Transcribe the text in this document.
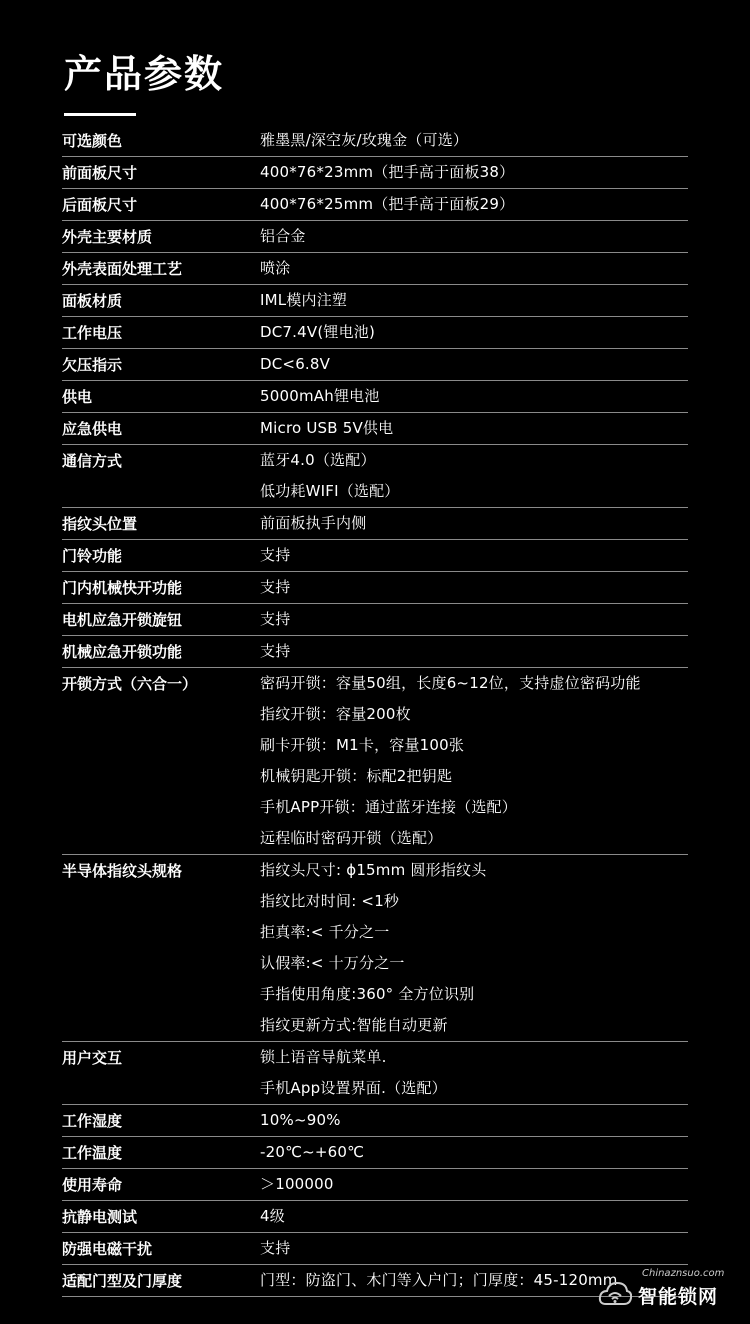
产品参数
可选颜色	雅墨黑/深空灰/玫瑰金（可选）
前面板尺寸	400*76*23mm（把手高于面板38）
后面板尺寸	400*76*25mm（把手高于面板29）
外壳主要材质	铝合金
外壳表面处理工艺	喷涂
面板材质	IML模内注塑
工作电压	DC7.4V(锂电池)
欠压指示	DC<6.8V
供电	5000mAh锂电池
应急供电	Micro USB 5V供电
通信方式	蓝牙4.0（选配）
低功耗WIFI（选配）
指纹头位置	前面板执手内侧
门铃功能	支持
门内机械快开功能	支持
电机应急开锁旋钮	支持
机械应急开锁功能	支持
开锁方式（六合一）	密码开锁：容量50组，长度6~12位，支持虚位密码功能
指纹开锁：容量200枚
刷卡开锁：M1卡，容量100张
机械钥匙开锁：标配2把钥匙
手机APP开锁：通过蓝牙连接（选配）
远程临时密码开锁（选配）
半导体指纹头规格	指纹头尺寸: ϕ15mm 圆形指纹头
指纹比对时间: <1秒
拒真率:< 千分之一
认假率:< 十万分之一
手指使用角度:360° 全方位识别
指纹更新方式:智能自动更新
用户交互	锁上语音导航菜单.
手机App设置界面.（选配）
工作湿度	10%~90%
工作温度	-20℃~+60℃
使用寿命	＞100000
抗静电测试	4级
防强电磁干扰	支持
适配门型及门厚度	门型：防盗门、木门等入户门；门厚度：45-120mm	Chinaznsuo.com
智能锁网
